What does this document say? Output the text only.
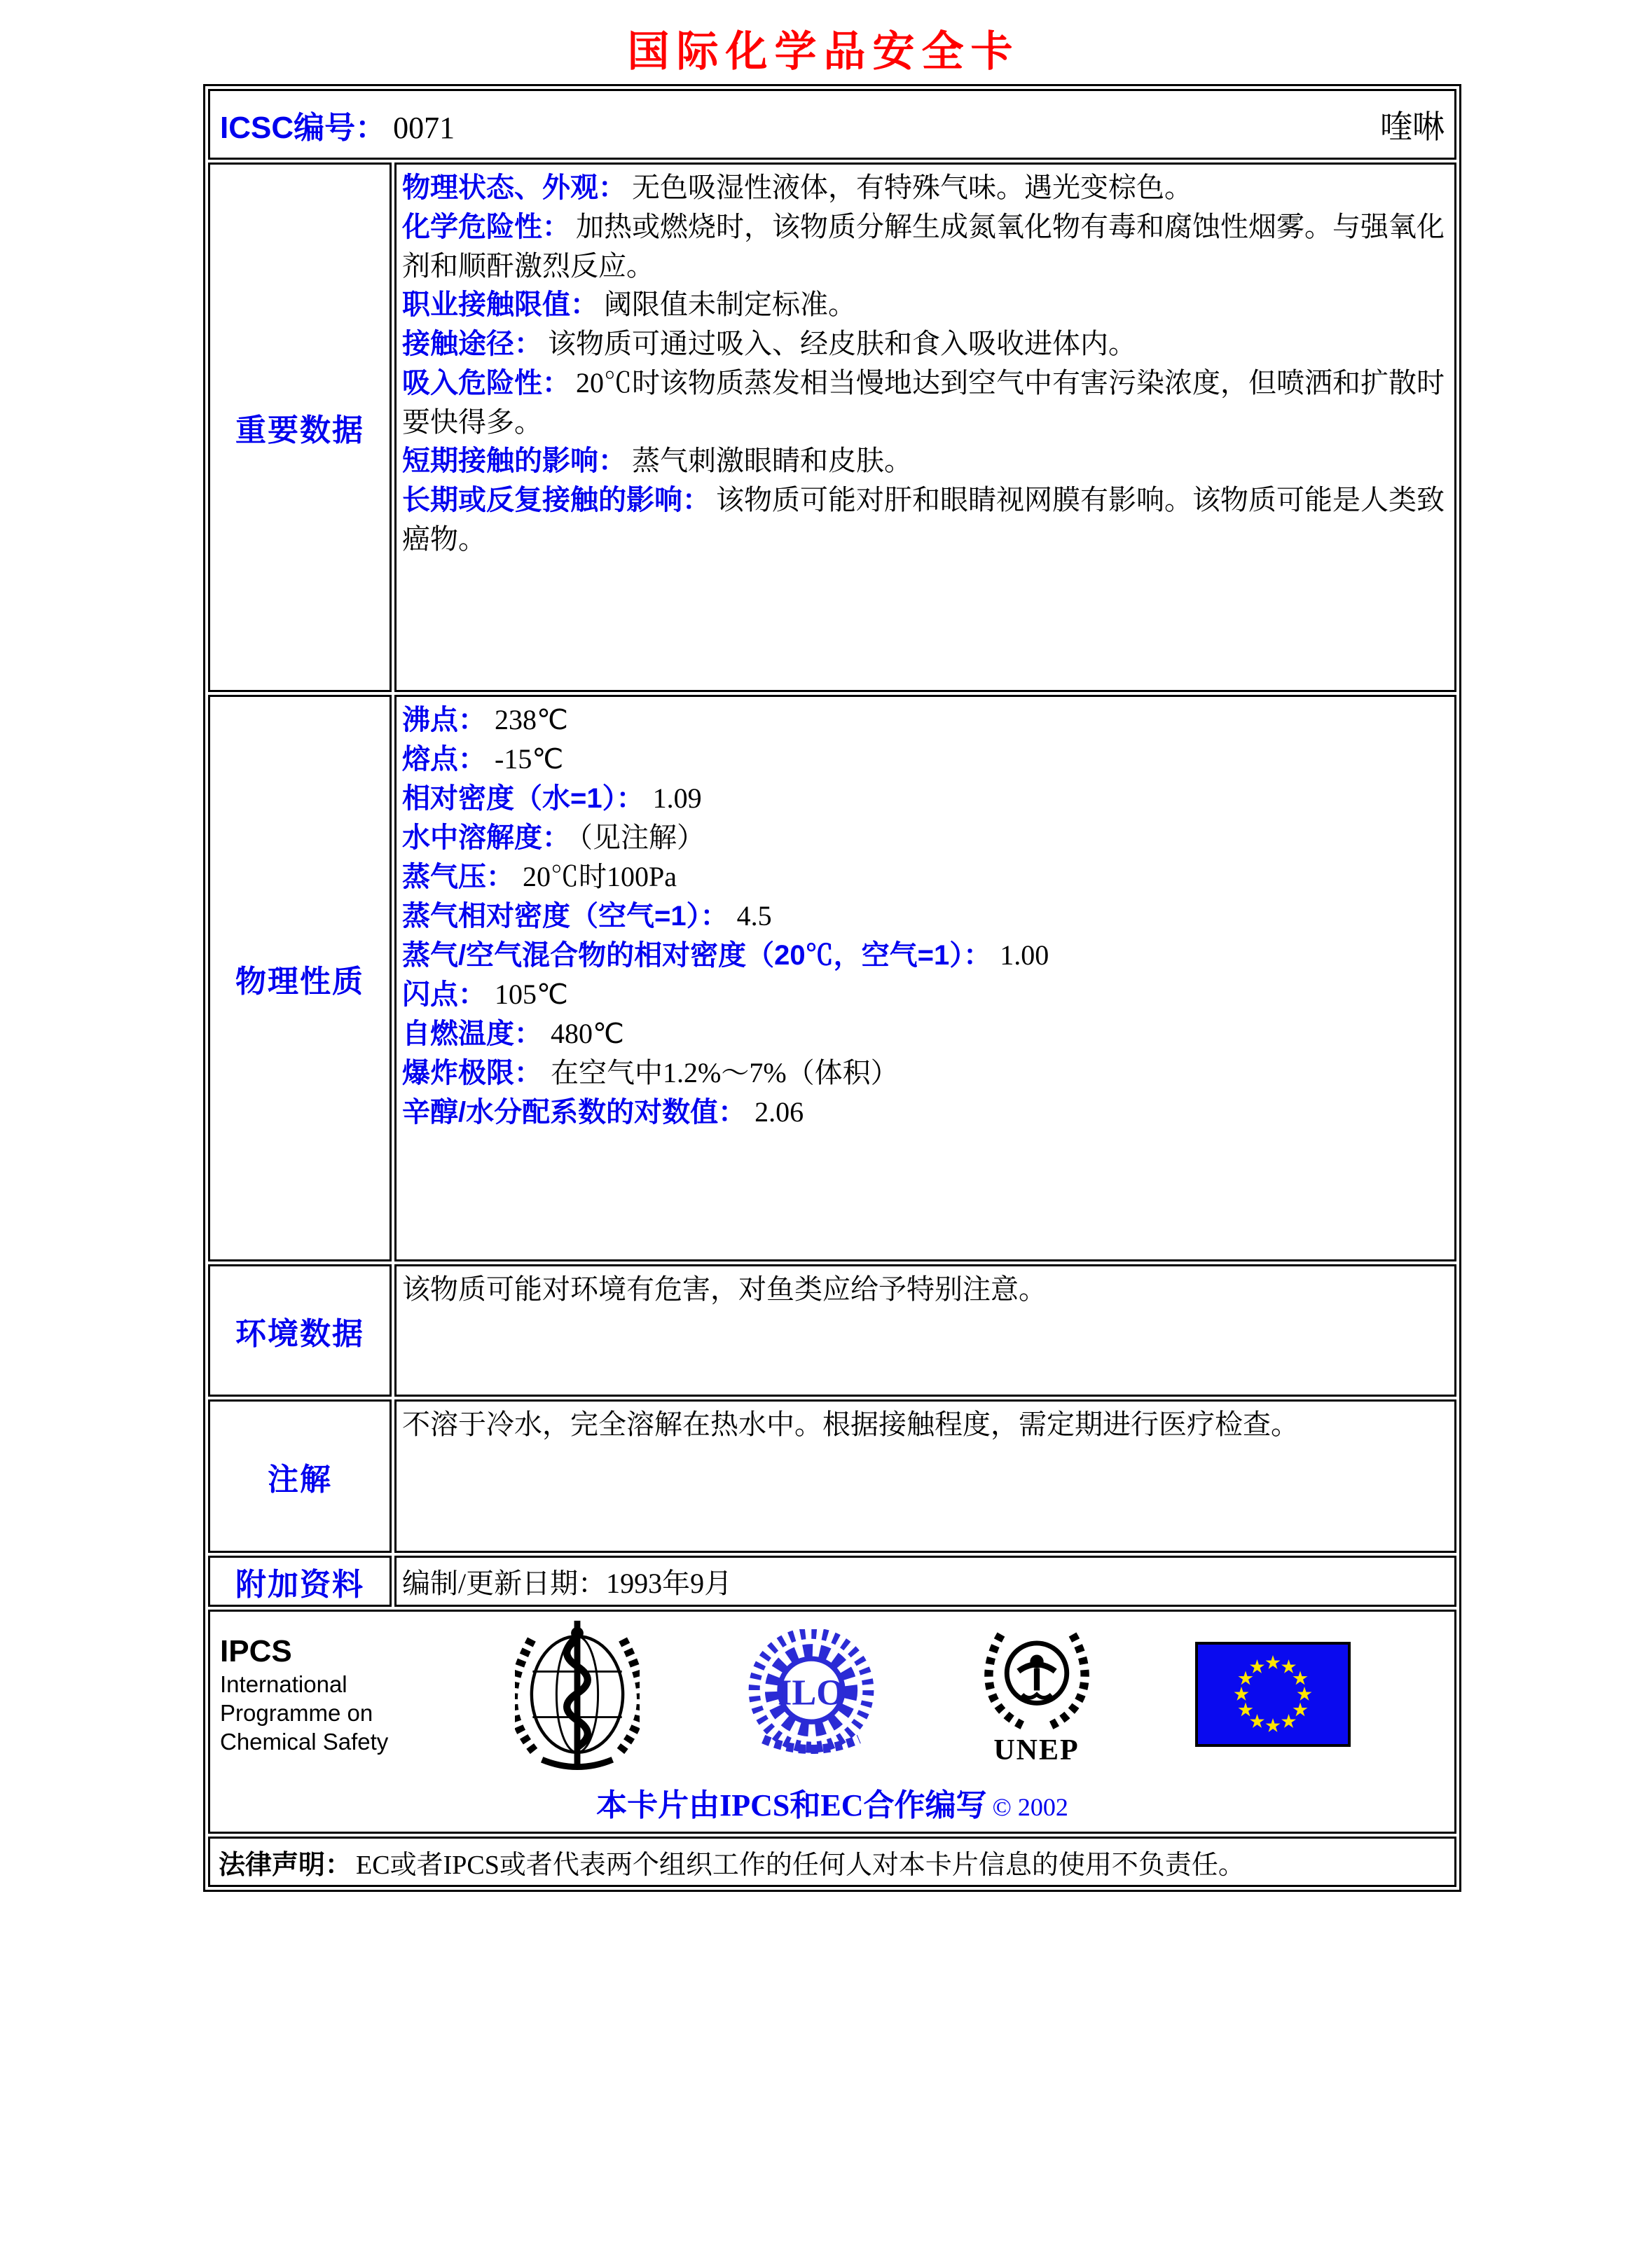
国际化学品安全卡
ICSC编号： 0071 喹啉	

重要数据	
物理状态、外观： 无色吸湿性液体，有特殊气味。遇光变棕色。
化学危险性： 加热或燃烧时，该物质分解生成氮氧化物有毒和腐蚀性烟雾。与强氧化剂和顺酐激烈反应。
职业接触限值： 阈限值未制定标准。
接触途径： 该物质可通过吸入、经皮肤和食入吸收进体内。
吸入危险性： 20℃时该物质蒸发相当慢地达到空气中有害污染浓度，但喷洒和扩散时要快得多。
短期接触的影响： 蒸气刺激眼睛和皮肤。
长期或反复接触的影响： 该物质可能对肝和眼睛视网膜有影响。该物质可能是人类致癌物。

物理性质	
沸点： 238℃
熔点： -15℃
相对密度（水=1）： 1.09
水中溶解度： （见注解）
蒸气压： 20℃时100Pa
蒸气相对密度（空气=1）： 4.5
蒸气/空气混合物的相对密度（20℃，空气=1）： 1.00
闪点： 105℃
自燃温度： 480℃
爆炸极限： 在空气中1.2%～7%（体积）
辛醇/水分配系数的对数值： 2.06

环境数据	该物质可能对环境有危害，对鱼类应给予特别注意。

注解	不溶于冷水，完全溶解在热水中。根据接触程度，需定期进行医疗检查。

附加资料	编制/更新日期：1993年9月

IPCS
International
Programme on
Chemical Safety
ILO
UNEP
本卡片由IPCS和EC合作编写 © 2002

法律声明： EC或者IPCS或者代表两个组织工作的任何人对本卡片信息的使用不负责任。	
